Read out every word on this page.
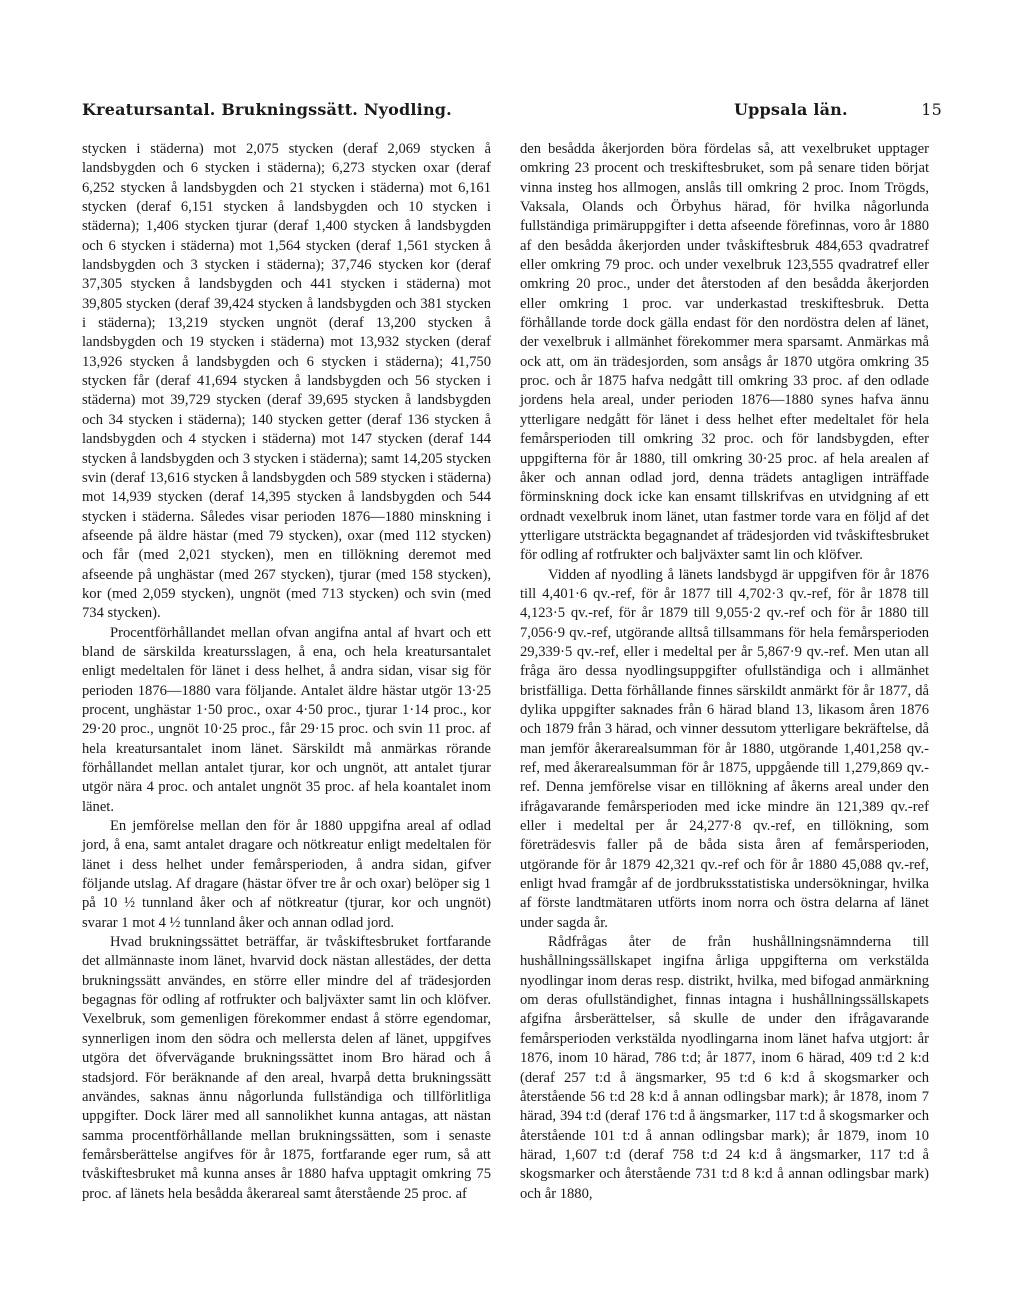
Kreatursantal. Brukningssätt. Nyodling.	Uppsala län.	15

stycken i städerna) mot 2,075 stycken (deraf 2,069 stycken å landsbygden och 6 stycken i städerna); 6,273 stycken oxar (deraf 6,252 stycken å landsbygden och 21 stycken i städerna) mot 6,161 stycken (deraf 6,151 stycken å landsbygden och 10 stycken i städerna); 1,406 stycken tjurar (deraf 1,400 stycken å landsbygden och 6 stycken i städerna) mot 1,564 stycken (deraf 1,561 stycken å landsbygden och 3 stycken i städerna); 37,746 stycken kor (deraf 37,305 stycken å landsbygden och 441 stycken i städerna) mot 39,805 stycken (deraf 39,424 stycken å landsbygden och 381 stycken i städerna); 13,219 stycken ungnöt (deraf 13,200 stycken å landsbygden och 19 stycken i städerna) mot 13,932 stycken (deraf 13,926 stycken å landsbygden och 6 stycken i städerna); 41,750 stycken får (deraf 41,694 stycken å landsbygden och 56 stycken i städerna) mot 39,729 stycken (deraf 39,695 stycken å landsbygden och 34 stycken i städerna); 140 stycken getter (deraf 136 stycken å landsbygden och 4 stycken i städerna) mot 147 stycken (deraf 144 stycken å landsbygden och 3 stycken i städerna); samt 14,205 stycken svin (deraf 13,616 stycken å landsbygden och 589 stycken i städerna) mot 14,939 stycken (deraf 14,395 stycken å landsbygden och 544 stycken i städerna. Således visar perioden 1876—1880 minskning i afseende på äldre hästar (med 79 stycken), oxar (med 112 stycken) och får (med 2,021 stycken), men en tillökning deremot med afseende på unghästar (med 267 stycken), tjurar (med 158 stycken), kor (med 2,059 stycken), ungnöt (med 713 stycken) och svin (med 734 stycken).

Procentförhållandet mellan ofvan angifna antal af hvart och ett bland de särskilda kreatursslagen, å ena, och hela kreatursantalet enligt medeltalen för länet i dess helhet, å andra sidan, visar sig för perioden 1876—1880 vara följande. Antalet äldre hästar utgör 13·25 procent, unghästar 1·50 proc., oxar 4·50 proc., tjurar 1·14 proc., kor 29·20 proc., ungnöt 10·25 proc., får 29·15 proc. och svin 11 proc. af hela kreatursantalet inom länet. Särskildt må anmärkas rörande förhållandet mellan antalet tjurar, kor och ungnöt, att antalet tjurar utgör nära 4 proc. och antalet ungnöt 35 proc. af hela koantalet inom länet.

En jemförelse mellan den för år 1880 uppgifna areal af odlad jord, å ena, samt antalet dragare och nötkreatur enligt medeltalen för länet i dess helhet under femårsperioden, å andra sidan, gifver följande utslag. Af dragare (hästar öfver tre år och oxar) belöper sig 1 på 10 ½ tunnland åker och af nötkreatur (tjurar, kor och ungnöt) svarar 1 mot 4 ½ tunnland åker och annan odlad jord.

Hvad brukningssättet beträffar, är tvåskiftesbruket fortfarande det allmännaste inom länet, hvarvid dock nästan allestädes, der detta brukningssätt användes, en större eller mindre del af trädesjorden begagnas för odling af rotfrukter och baljväxter samt lin och klöfver. Vexelbruk, som gemenligen förekommer endast å större egendomar, synnerligen inom den södra och mellersta delen af länet, uppgifves utgöra det öfvervägande brukningssättet inom Bro härad och å stadsjord. För beräknande af den areal, hvarpå detta brukningssätt användes, saknas ännu någorlunda fullständiga och tillförlitliga uppgifter. Dock lärer med all sannolikhet kunna antagas, att nästan samma procentförhållande mellan brukningssätten, som i senaste femårsberättelse angifves för år 1875, fortfarande eger rum, så att tvåskiftesbruket må kunna anses år 1880 hafva upptagit omkring 75 proc. af länets hela besådda åkerareal samt återstående 25 proc. af

den besådda åkerjorden böra fördelas så, att vexelbruket upptager omkring 23 procent och treskiftesbruket, som på senare tiden börjat vinna insteg hos allmogen, anslås till omkring 2 proc. Inom Trögds, Vaksala, Olands och Örbyhus härad, för hvilka någorlunda fullständiga primäruppgifter i detta afseende förefinnas, voro år 1880 af den besådda åkerjorden under tvåskiftesbruk 484,653 qvadratref eller omkring 79 proc. och under vexelbruk 123,555 qvadratref eller omkring 20 proc., under det återstoden af den besådda åkerjorden eller omkring 1 proc. var underkastad treskiftesbruk. Detta förhållande torde dock gälla endast för den nordöstra delen af länet, der vexelbruk i allmänhet förekommer mera sparsamt. Anmärkas må ock att, om än trädesjorden, som ansågs år 1870 utgöra omkring 35 proc. och år 1875 hafva nedgått till omkring 33 proc. af den odlade jordens hela areal, under perioden 1876—1880 synes hafva ännu ytterligare nedgått för länet i dess helhet efter medeltalet för hela femårsperioden till omkring 32 proc. och för landsbygden, efter uppgifterna för år 1880, till omkring 30·25 proc. af hela arealen af åker och annan odlad jord, denna trädets antagligen inträffade förminskning dock icke kan ensamt tillskrifvas en utvidgning af ett ordnadt vexelbruk inom länet, utan fastmer torde vara en följd af det ytterligare utsträckta begagnandet af trädesjorden vid tvåskiftesbruket för odling af rotfrukter och baljväxter samt lin och klöfver.

Vidden af nyodling å länets landsbygd är uppgifven för år 1876 till 4,401·6 qv.-ref, för år 1877 till 4,702·3 qv.-ref, för år 1878 till 4,123·5 qv.-ref, för år 1879 till 9,055·2 qv.-ref och för år 1880 till 7,056·9 qv.-ref, utgörande alltså tillsammans för hela femårsperioden 29,339·5 qv.-ref, eller i medeltal per år 5,867·9 qv.-ref. Men utan all fråga äro dessa nyodlingsuppgifter ofullständiga och i allmänhet bristfälliga. Detta förhållande finnes särskildt anmärkt för år 1877, då dylika uppgifter saknades från 6 härad bland 13, likasom åren 1876 och 1879 från 3 härad, och vinner dessutom ytterligare bekräftelse, då man jemför åkerarealsumman för år 1880, utgörande 1,401,258 qv.-ref, med åkerarealsumman för år 1875, uppgående till 1,279,869 qv.-ref. Denna jemförelse visar en tillökning af åkerns areal under den ifrågavarande femårsperioden med icke mindre än 121,389 qv.-ref eller i medeltal per år 24,277·8 qv.-ref, en tillökning, som företrädesvis faller på de båda sista åren af femårsperioden, utgörande för år 1879 42,321 qv.-ref och för år 1880 45,088 qv.-ref, enligt hvad framgår af de jordbruksstatistiska undersökningar, hvilka af förste landtmätaren utförts inom norra och östra delarna af länet under sagda år.

Rådfrågas åter de från hushållningsnämnderna till hushållningssällskapet ingifna årliga uppgifterna om verkstälda nyodlingar inom deras resp. distrikt, hvilka, med bifogad anmärkning om deras ofullständighet, finnas intagna i hushållningssällskapets afgifna årsberättelser, så skulle de under den ifrågavarande femårsperioden verkstälda nyodlingarna inom länet hafva utgjort: år 1876, inom 10 härad, 786 t:d; år 1877, inom 6 härad, 409 t:d 2 k:d (deraf 257 t:d å ängsmarker, 95 t:d 6 k:d å skogsmarker och återstående 56 t:d 28 k:d å annan odlingsbar mark); år 1878, inom 7 härad, 394 t:d (deraf 176 t:d å ängsmarker, 117 t:d å skogsmarker och återstående 101 t:d å annan odlingsbar mark); år 1879, inom 10 härad, 1,607 t:d (deraf 758 t:d 24 k:d å ängsmarker, 117 t:d å skogsmarker och återstående 731 t:d 8 k:d å annan odlingsbar mark) och år 1880,
